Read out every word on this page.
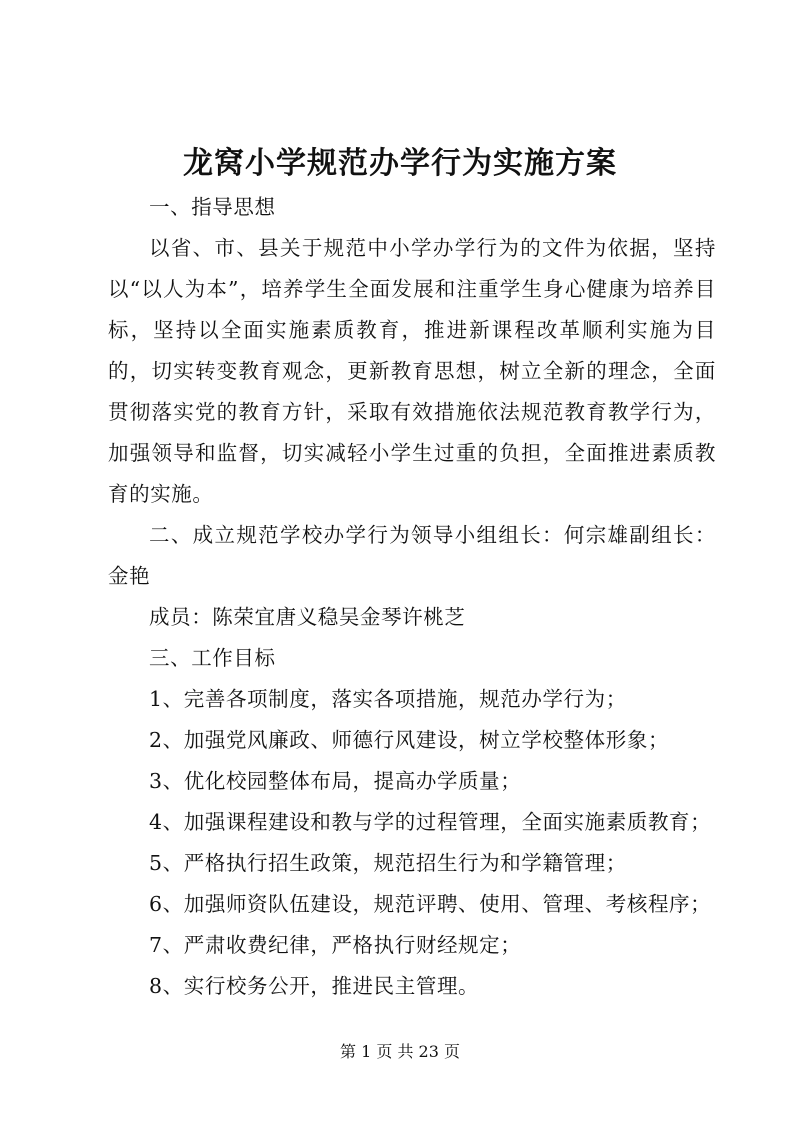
龙窝小学规范办学行为实施方案

一、指导思想

以省、市、县关于规范中小学办学行为的文件为依据，坚持以“以人为本”，培养学生全面发展和注重学生身心健康为培养目标，坚持以全面实施素质教育，推进新课程改革顺利实施为目的，切实转变教育观念，更新教育思想，树立全新的理念，全面贯彻落实党的教育方针，采取有效措施依法规范教育教学行为，加强领导和监督，切实减轻小学生过重的负担，全面推进素质教育的实施。

二、成立规范学校办学行为领导小组组长：何宗雄副组长：金艳

成员：陈荣宜唐义稳吴金琴许桃芝

三、工作目标

1、完善各项制度，落实各项措施，规范办学行为；

2、加强党风廉政、师德行风建设，树立学校整体形象；

3、优化校园整体布局，提高办学质量；

4、加强课程建设和教与学的过程管理，全面实施素质教育；

5、严格执行招生政策，规范招生行为和学籍管理；

6、加强师资队伍建设，规范评聘、使用、管理、考核程序；

7、严肃收费纪律，严格执行财经规定；

8、实行校务公开，推进民主管理。

第 1 页 共 23 页
